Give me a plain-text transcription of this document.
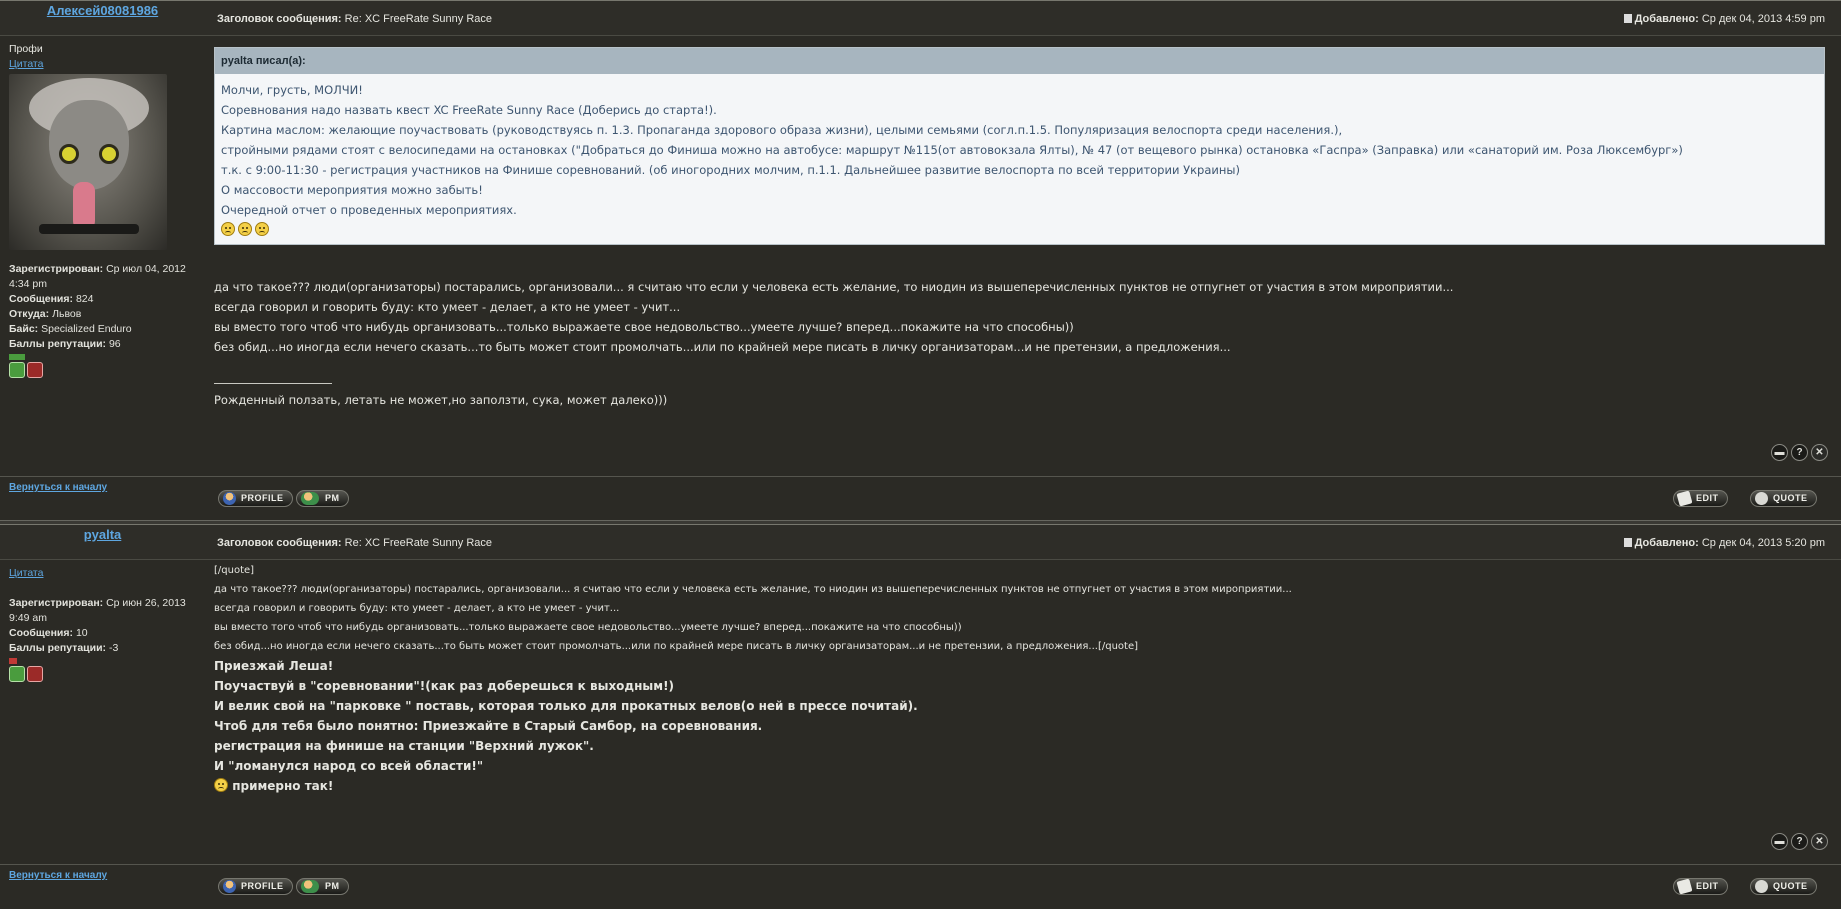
Алексей08081986
Заголовок сообщения: Re: XC FreeRate Sunny Race	Добавлено: Ср дек 04, 2013 4:59 pm
Профи
Цитата
Зарегистрирован: Ср июл 04, 2012
4:34 pm
Сообщения: 824
Откуда: Львов
Байс: Specialized Enduro
Баллы репутации: 96
pyalta писал(а):
Молчи, грусть, МОЛЧИ!
Соревнования надо назвать квест XC FreeRate Sunny Race (Доберись до старта!).
Картина маслом: желающие поучаствовать (руководствуясь п. 1.3. Пропаганда здорового образа жизни), целыми семьями (согл.п.1.5. Популяризация велоспорта среди населения.),
стройными рядами стоят с велосипедами на остановках ("Добраться до Финиша можно на автобусе: маршрут №115(от автовокзала Ялты), № 47 (от вещевого рынка) остановка «Гаспра» (Заправка) или «санаторий им. Роза Люксембург»)
т.к. с 9:00-11:30 - регистрация участников на Финише соревнований. (об иногородних молчим, п.1.1. Дальнейшее развитие велоспорта по всей территории Украины)
О массовости мероприятия можно забыть!
Очередной отчет о проведенных мероприятиях.
да что такое??? люди(организаторы) постарались, организовали... я считаю что если у человека есть желание, то ниодин из вышеперечисленных пунктов не отпугнет от участия в этом мироприятии...
всегда говорил и говорить буду: кто умеет - делает, а кто не умеет - учит...
вы вместо того чтоб что нибудь организовать...только выражаете свое недовольство...умеете лучше? вперед...покажите на что способны))
без обид...но иногда если нечего сказать...то быть может стоит промолчать...или по крайней мере писать в личку организаторам...и не претензии, а предложения...
Рожденный ползать, летать не может,но заползти, сука, может далеко)))
▬	?	✕
Вернуться к началу
PROFILE	PM	EDIT	QUOTE
pyalta
Заголовок сообщения: Re: XC FreeRate Sunny Race	Добавлено: Ср дек 04, 2013 5:20 pm
Цитата
Зарегистрирован: Ср июн 26, 2013
9:49 am
Сообщения: 10
Баллы репутации: -3
[/quote]
да что такое??? люди(организаторы) постарались, организовали... я считаю что если у человека есть желание, то ниодин из вышеперечисленных пунктов не отпугнет от участия в этом мироприятии...
всегда говорил и говорить буду: кто умеет - делает, а кто не умеет - учит...
вы вместо того чтоб что нибудь организовать...только выражаете свое недовольство...умеете лучше? вперед...покажите на что способны))
без обид...но иногда если нечего сказать...то быть может стоит промолчать...или по крайней мере писать в личку организаторам...и не претензии, а предложения...[/quote]
Приезжай Леша!
Поучаствуй в "соревновании"!(как раз доберешься к выходным!)
И велик свой на "парковке " поставь, которая только для прокатных велов(о ней в прессе почитай).
Чтоб для тебя было понятно: Приезжайте в Старый Самбор, на соревнования.
регистрация на финише на станции "Верхний лужок".
И "ломанулся народ со всей области!"
примерно так!
▬	?	✕
Вернуться к началу
PROFILE	PM	EDIT	QUOTE
